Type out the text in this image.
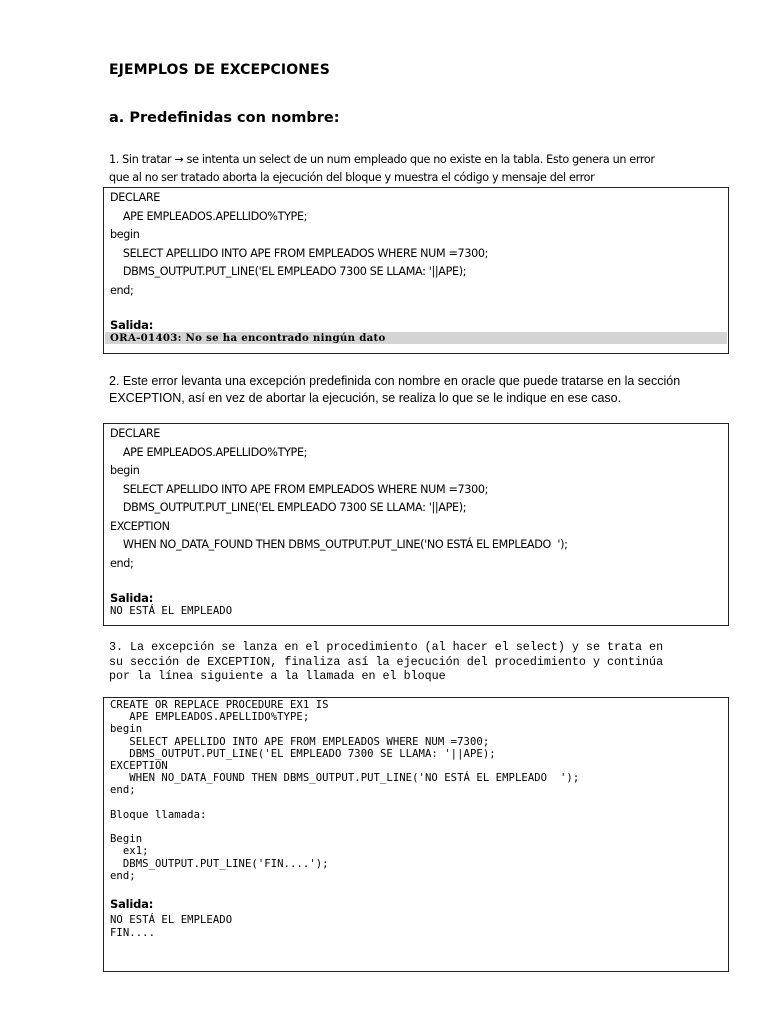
EJEMPLOS DE EXCEPCIONES
a. Predefinidas con nombre:
1. Sin tratar → se intenta un select de un num empleado que no existe en la tabla. Esto genera un error
que al no ser tratado aborta la ejecución del bloque y muestra el código y mensaje del error
DECLARE
APE EMPLEADOS.APELLIDO%TYPE;
begin
SELECT APELLIDO INTO APE FROM EMPLEADOS WHERE NUM =7300;
DBMS_OUTPUT.PUT_LINE('EL EMPLEADO 7300 SE LLAMA: '||APE);
end;
Salida:
ORA-01403: No se ha encontrado ningún dato
2. Este error levanta una excepción predefinida con nombre en oracle que puede tratarse en la sección
EXCEPTION, así en vez de abortar la ejecución, se realiza lo que se le indique en ese caso.
DECLARE
APE EMPLEADOS.APELLIDO%TYPE;
begin
SELECT APELLIDO INTO APE FROM EMPLEADOS WHERE NUM =7300;
DBMS_OUTPUT.PUT_LINE('EL EMPLEADO 7300 SE LLAMA: '||APE);
EXCEPTION
WHEN NO_DATA_FOUND THEN DBMS_OUTPUT.PUT_LINE('NO ESTÁ EL EMPLEADO  ');
end;
Salida:
NO ESTÁ EL EMPLEADO
3. La excepción se lanza en el procedimiento (al hacer el select) y se trata en
su sección de EXCEPTION, finaliza así la ejecución del procedimiento y continúa
por la línea siguiente a la llamada en el bloque
CREATE OR REPLACE PROCEDURE EX1 IS
APE EMPLEADOS.APELLIDO%TYPE;
begin
SELECT APELLIDO INTO APE FROM EMPLEADOS WHERE NUM =7300;
DBMS_OUTPUT.PUT_LINE('EL EMPLEADO 7300 SE LLAMA: '||APE);
EXCEPTION
WHEN NO_DATA_FOUND THEN DBMS_OUTPUT.PUT_LINE('NO ESTÁ EL EMPLEADO  ');
end;

Bloque llamada:

Begin
ex1;
DBMS_OUTPUT.PUT_LINE('FIN....');
end;
Salida:
NO ESTÁ EL EMPLEADO
FIN....
